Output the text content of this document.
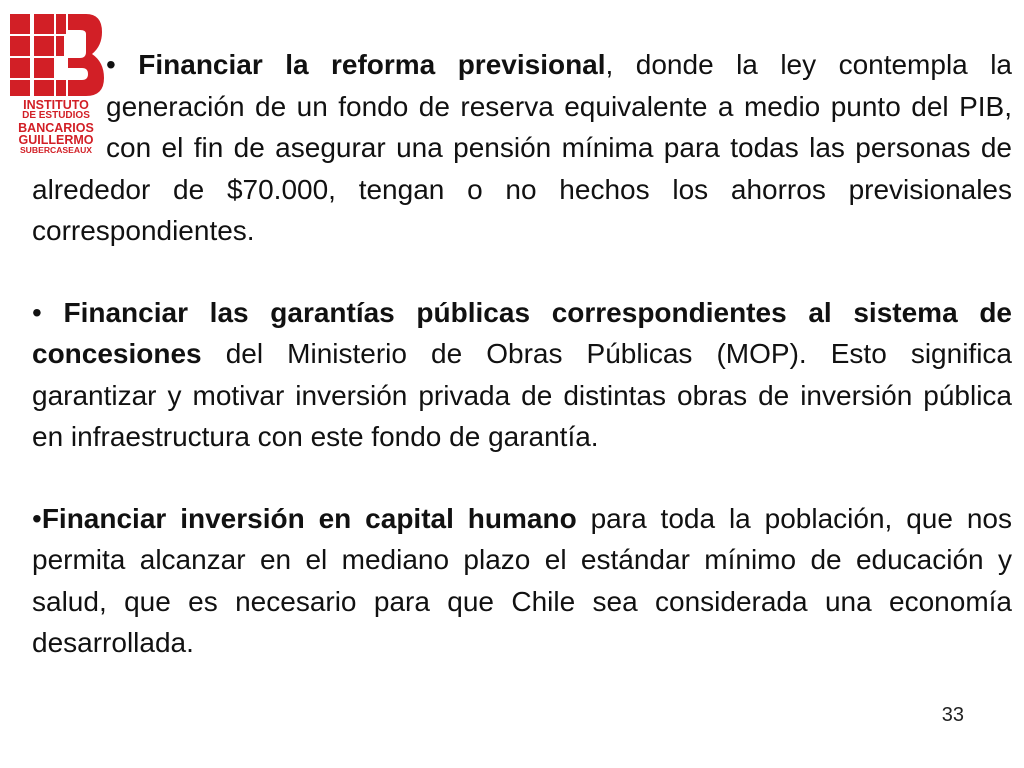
INSTITUTO
DE ESTUDIOS
BANCARIOS
GUILLERMO
SUBERCASEAUX

• Financiar la reforma previsional, donde la ley contempla la generación de un fondo de reserva equivalente a medio punto del PIB, con el fin de asegurar una pensión mínima para todas las personas de alrededor de $70.000, tengan o no hechos los ahorros previsionales correspondientes.

• Financiar las garantías públicas correspondientes al sistema de concesiones del Ministerio de Obras Públicas (MOP). Esto significa garantizar y motivar inversión privada de distintas obras de inversión pública en infraestructura con este fondo de garantía.

•Financiar inversión en capital humano para toda la población, que nos permita alcanzar en el mediano plazo el estándar mínimo de educación y salud, que es necesario para que Chile sea considerada una economía desarrollada.

33
